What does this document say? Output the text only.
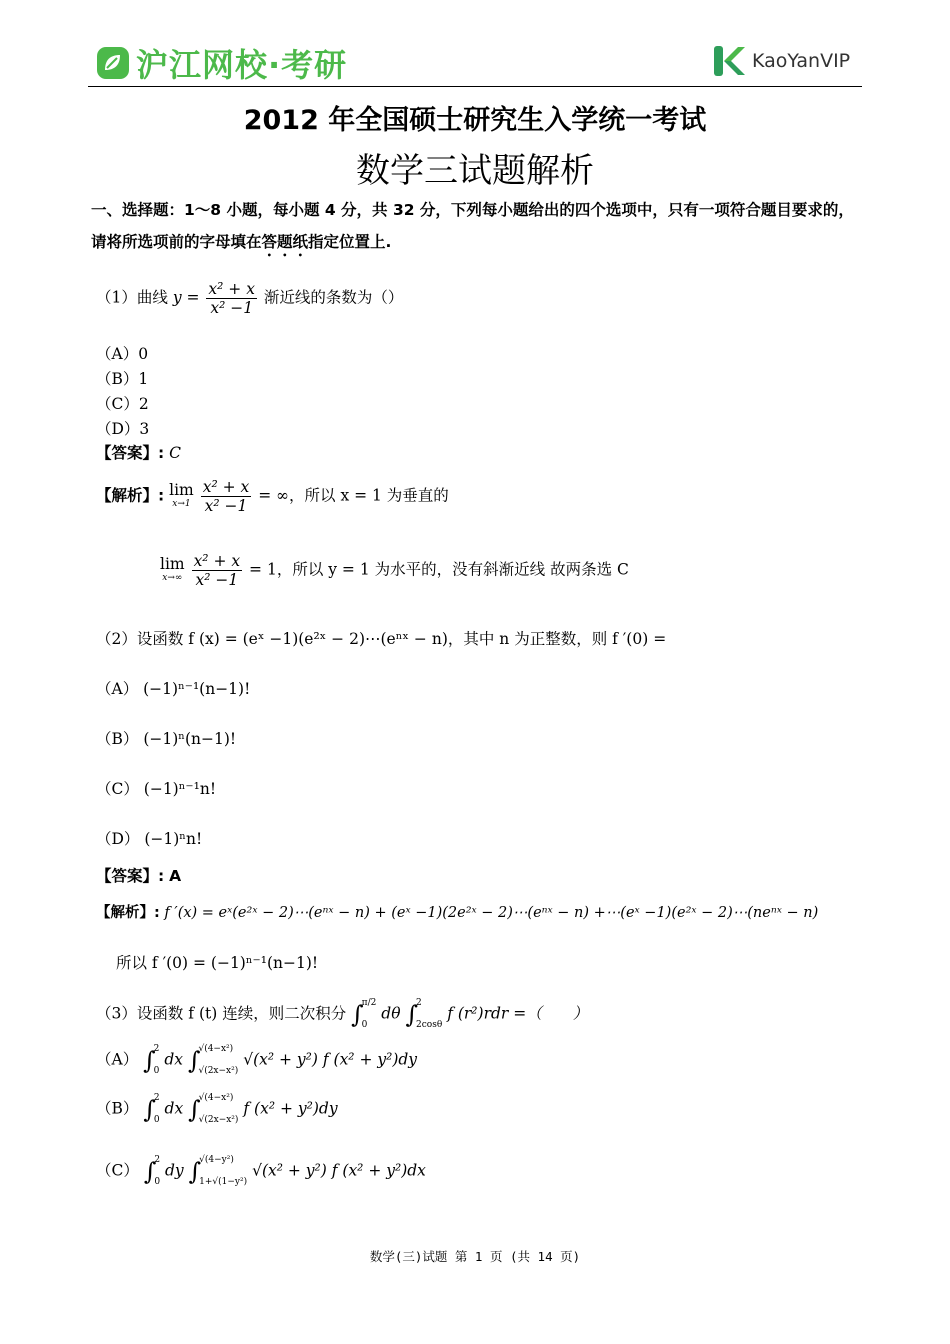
沪江网校·考研	KaoYanVIP
2012 年全国硕士研究生入学统一考试
数学三试题解析
一、选择题：1～8 小题，每小题 4 分，共 32 分，下列每小题给出的四个选项中，只有一项符合题目要求的，请将所选项前的字母填在答题纸指定位置上.
（1）曲线 $y = \frac{\text{x² + x}}{\text{x² −1}}$ 渐近线的条数为（）
（A）0
（B）1
（C）2
（D）3
【答案】: C
【解析】: lim
x→1
$\frac{\text{x² + x}}{\text{x² −1}}$ = ∞，所以 x = 1 为垂直的
lim
x→∞
$\frac{\text{x² + x}}{\text{x² −1}} = 1$，所以 y = 1 为水平的，没有斜渐近线 故两条选 C
（2）设函数 f (x) = (eˣ −1)(e²ˣ − 2)⋯(eⁿˣ − n)，其中 n 为正整数，则 f ′(0) =
（A） (−1)ⁿ⁻¹(n−1)!
（B） (−1)ⁿ(n−1)!
（C） (−1)ⁿ⁻¹n!
（D） (−1)ⁿn!
【答案】: A
【解析】: f ′(x) = eˣ(e²ˣ − 2)⋯(eⁿˣ − n) + (eˣ −1)(2e²ˣ − 2)⋯(eⁿˣ − n) +⋯(eˣ −1)(e²ˣ − 2)⋯(neⁿˣ − n)
所以 f ′(0) = (−1)ⁿ⁻¹(n−1)!
（3）设函数 f (t) 连续，则二次积分 ∫π/2

0 dθ ∫2

2cosθ f (r²)rdr =（　　）
（A） ∫2

0 dx ∫√(4−x²)

√(2x−x²) √(x² + y²) f (x² + y²)dy
（B） ∫2

0 dx ∫√(4−x²)

√(2x−x²) f (x² + y²)dy
（C） ∫2

0 dy ∫√(4−y²)

1+√(1−y²) √(x² + y²) f (x² + y²)dx
数学(三)试题 第 1 页 (共 14 页)
